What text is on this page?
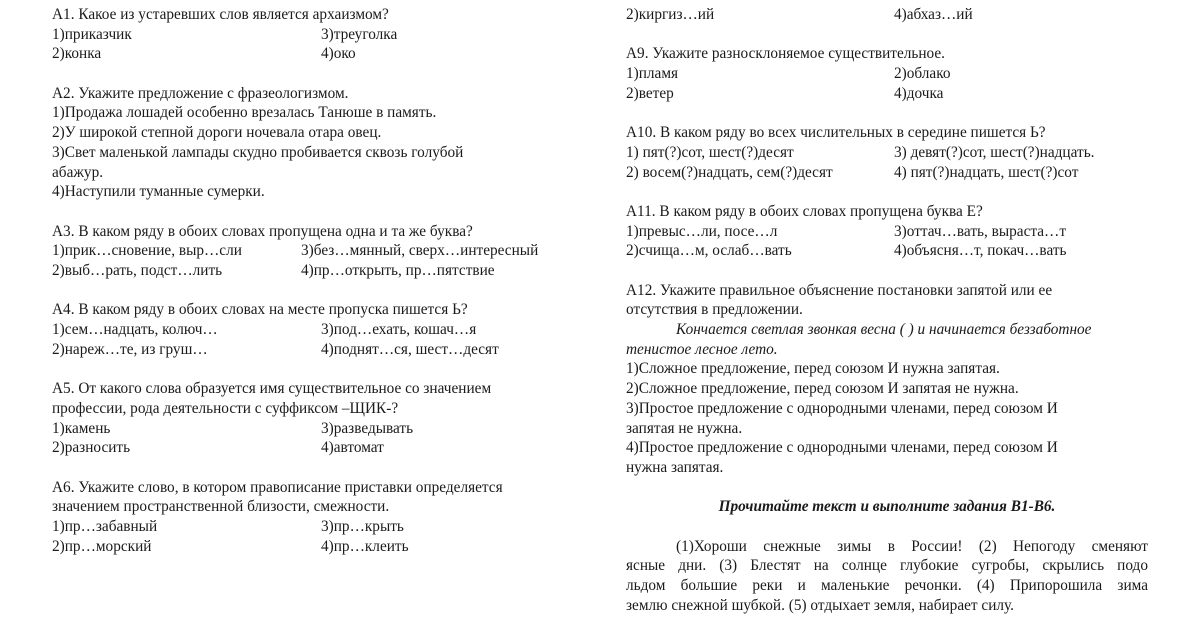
А1. Какое из устаревших слов является архаизмом?
1)приказчик	3)треуголка
2)конка	4)око
А2. Укажите предложение с фразеологизмом.
1)Продажа лошадей особенно врезалась Танюше в память.
2)У широкой степной дороги ночевала отара овец.
3)Свет маленькой лампады скудно пробивается сквозь голубой
абажур.
4)Наступили туманные сумерки.
А3. В каком ряду в обоих словах пропущена одна и та же буква?
1)прик…сновение, выр…сли	3)без…мянный, сверх…интересный
2)выб…рать, подст…лить	4)пр…открыть, пр…пятствие
А4. В каком ряду в обоих словах на месте пропуска пишется Ь?
1)сем…надцать, колюч…	3)под…ехать, кошач…я
2)нареж…те, из груш…	4)поднят…ся, шест…десят
А5. От какого слова образуется имя существительное со значением
профессии, рода деятельности с суффиксом –ЩИК-?
1)камень	3)разведывать
2)разносить	4)автомат
А6. Укажите слово, в котором правописание приставки определяется
значением пространственной близости, смежности.
1)пр…забавный	3)пр…крыть
2)пр…морский	4)пр…клеить
2)киргиз…ий	4)абхаз…ий
А9. Укажите разносклоняемое существительное.
1)пламя	2)облако
2)ветер	4)дочка
А10. В каком ряду во всех числительных в середине пишется Ь?
1) пят(?)сот, шест(?)десят	3) девят(?)сот, шест(?)надцать.
2) восем(?)надцать, сем(?)десят	4) пят(?)надцать, шест(?)сот
А11. В каком ряду в обоих словах пропущена буква Е?
1)превыс…ли, посе…л	3)оттач…вать, выраста…т
2)счища…м, ослаб…вать	4)объясня…т, покач…вать
А12. Укажите правильное объяснение постановки запятой или ее
отсутствия в предложении.
Кончается светлая звонкая весна ( ) и начинается беззаботное
тенистое лесное лето.
1)Сложное предложение, перед союзом И нужна запятая.
2)Сложное предложение, перед союзом И запятая не нужна.
3)Простое предложение с однородными членами, перед союзом И
запятая не нужна.
4)Простое предложение с однородными членами, перед союзом И
нужна запятая.
Прочитайте текст и выполните задания В1-В6.
(1)Хороши снежные зимы в России! (2) Непогоду сменяют
ясные дни. (3) Блестят на солнце глубокие сугробы, скрылись подо
льдом большие реки и маленькие речонки. (4) Припорошила зима
землю снежной шубкой. (5) отдыхает земля, набирает силу.
